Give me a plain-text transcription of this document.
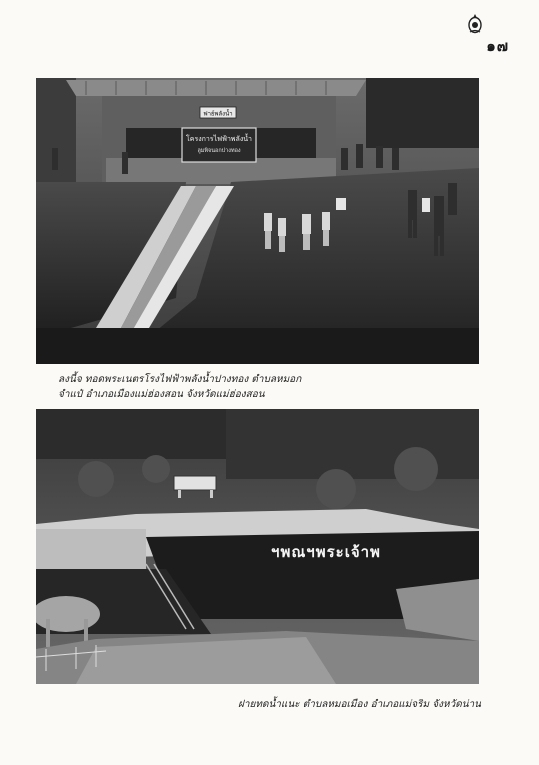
๑๗
ฟาย์พลังน้ำ
โครงการไฟฟ้าพลังน้ำ
ลูมพิจนอกปางทอง
ลงนี้จ ทอดพระเนตรโรงไฟฟ้าพลังน้ำปางทอง ตำบลหมอก
จำแป๋ อำเภอเมืองแม่ฮ่องสอน จังหวัดแม่ฮ่องสอน
ฯพณฯพระเจ้าพ
ฝายทดน้ำแนะ ตำบลหมอเมือง อำเภอแม่จริม จังหวัดน่าน
